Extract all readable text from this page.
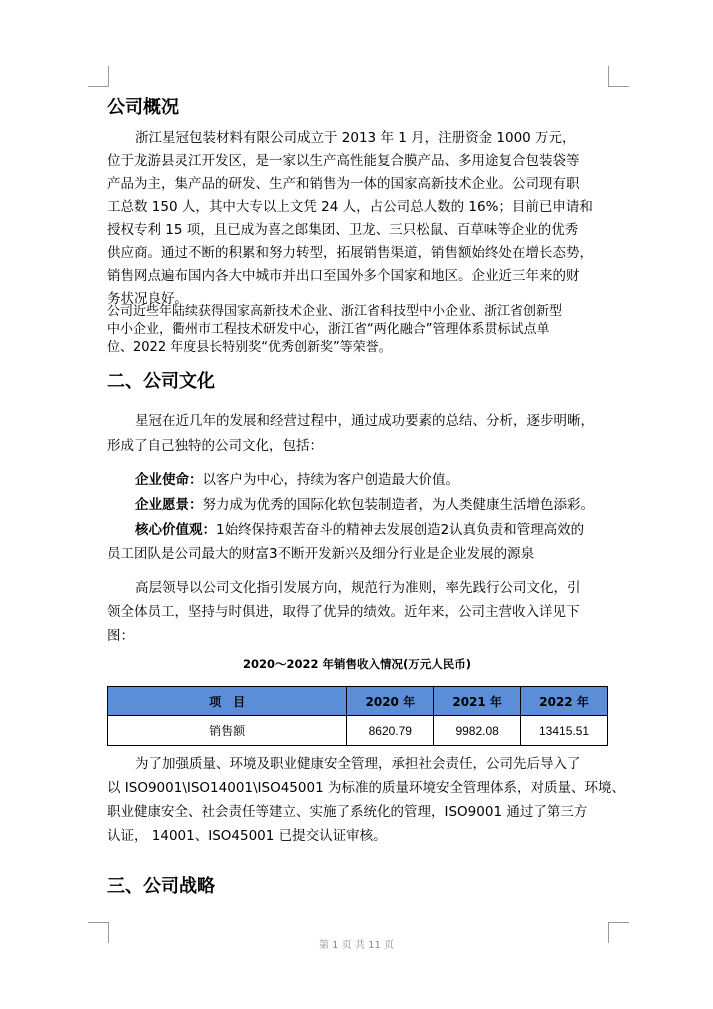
公司概况
浙江星冠包装材料有限公司成立于 2013 年 1 月，注册资金 1000 万元，
位于龙游县灵江开发区，是一家以生产高性能复合膜产品、多用途复合包装袋等
产品为主，集产品的研发、生产和销售为一体的国家高新技术企业。公司现有职
工总数 150 人，其中大专以上文凭 24 人，占公司总人数的 16%；目前已申请和
授权专利 15 项，且已成为喜之郎集团、卫龙、三只松鼠、百草味等企业的优秀
供应商。通过不断的积累和努力转型，拓展销售渠道，销售额始终处在增长态势，
销售网点遍布国内各大中城市并出口至国外多个国家和地区。企业近三年来的财
务状况良好。
公司近些年陆续获得国家高新技术企业、浙江省科技型中小企业、浙江省创新型
中小企业，衢州市工程技术研发中心，浙江省“两化融合”管理体系贯标试点单
位、2022 年度县长特别奖“优秀创新奖”等荣誉。
二、公司文化
星冠在近几年的发展和经营过程中，通过成功要素的总结、分析，逐步明晰，
形成了自己独特的公司文化，包括：
企业使命：以客户为中心，持续为客户创造最大价值。
企业愿景：努力成为优秀的国际化软包装制造者，为人类健康生活增色添彩。
核心价值观：1始终保持艰苦奋斗的精神去发展创造2认真负责和管理高效的
员工团队是公司最大的财富3不断开发新兴及细分行业是企业发展的源泉
高层领导以公司文化指引发展方向，规范行为准则，率先践行公司文化，引
领全体员工，坚持与时俱进，取得了优异的绩效。近年来，公司主营收入详见下
图：
2020～2022 年销售收入情况(万元人民币)
项　目	2020 年	2021 年	2022 年
销售额	8620.79	9982.08	13415.51
为了加强质量、环境及职业健康安全管理，承担社会责任，公司先后导入了
以 ISO9001\ISO14001\ISO45001 为标准的质量环境安全管理体系，对质量、环境、
职业健康安全、社会责任等建立、实施了系统化的管理，ISO9001 通过了第三方
认证， 14001、ISO45001 已提交认证审核。
三、公司战略
第 1 页 共 11 页
